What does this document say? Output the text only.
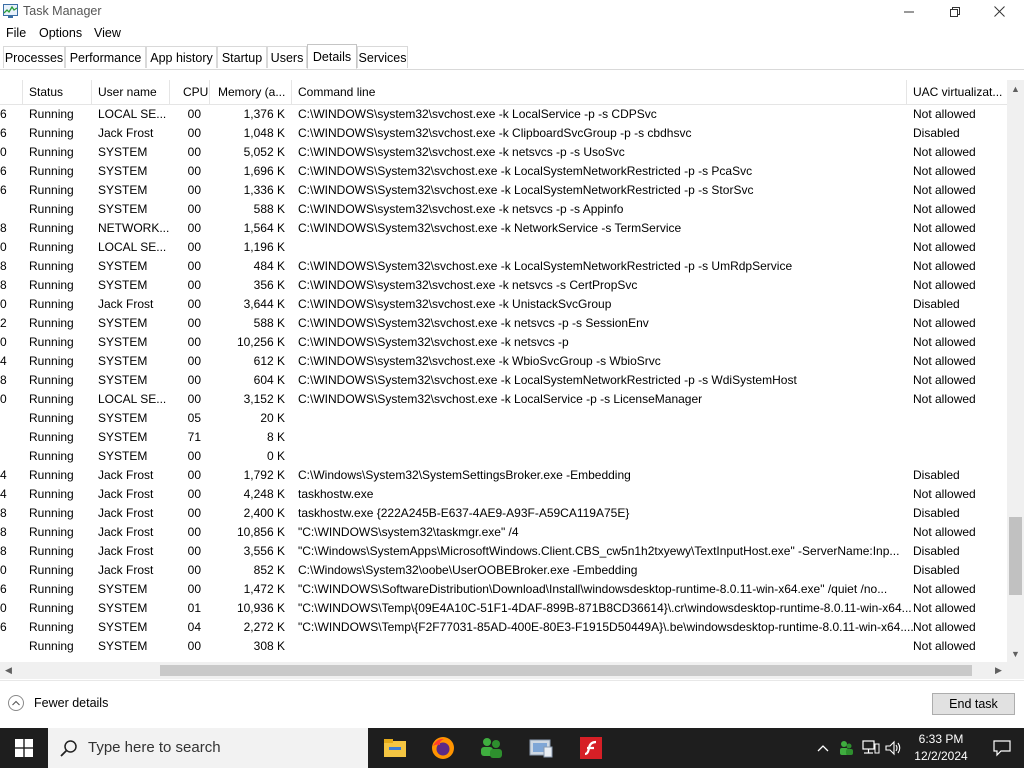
Task Manager
File Options View
Processes Performance App history Startup Users Details Services
Status	User name	CPU Memory (a... Command line	UAC virtualizat...
6 Running	LOCAL SE...	00	1,376 K C:\WINDOWS\system32\svchost.exe -k LocalService -p -s CDPSvc	Not allowed
6 Running	Jack Frost	00	1,048 K C:\WINDOWS\system32\svchost.exe -k ClipboardSvcGroup -p -s cbdhsvc	Disabled
0 Running	SYSTEM	00	5,052 K C:\WINDOWS\system32\svchost.exe -k netsvcs -p -s UsoSvc	Not allowed
6 Running	SYSTEM	00	1,696 K C:\WINDOWS\System32\svchost.exe -k LocalSystemNetworkRestricted -p -s PcaSvc	Not allowed
6 Running	SYSTEM	00	1,336 K C:\WINDOWS\System32\svchost.exe -k LocalSystemNetworkRestricted -p -s StorSvc	Not allowed
Running	SYSTEM	00	588 K C:\WINDOWS\system32\svchost.exe -k netsvcs -p -s Appinfo	Not allowed
8 Running	NETWORK...	00	1,564 K C:\WINDOWS\System32\svchost.exe -k NetworkService -s TermService	Not allowed
0 Running	LOCAL SE...	00	1,196 K	Not allowed
8 Running	SYSTEM	00	484 K C:\WINDOWS\System32\svchost.exe -k LocalSystemNetworkRestricted -p -s UmRdpService	Not allowed
8 Running	SYSTEM	00	356 K C:\WINDOWS\system32\svchost.exe -k netsvcs -s CertPropSvc	Not allowed
0 Running	Jack Frost	00	3,644 K C:\WINDOWS\system32\svchost.exe -k UnistackSvcGroup	Disabled
2 Running	SYSTEM	00	588 K C:\WINDOWS\System32\svchost.exe -k netsvcs -p -s SessionEnv	Not allowed
0 Running	SYSTEM	00	10,256 K C:\WINDOWS\System32\svchost.exe -k netsvcs -p	Not allowed
4 Running	SYSTEM	00	612 K C:\WINDOWS\system32\svchost.exe -k WbioSvcGroup -s WbioSrvc	Not allowed
8 Running	SYSTEM	00	604 K C:\WINDOWS\System32\svchost.exe -k LocalSystemNetworkRestricted -p -s WdiSystemHost	Not allowed
0 Running	LOCAL SE...	00	3,152 K C:\WINDOWS\System32\svchost.exe -k LocalService -p -s LicenseManager	Not allowed
Running	SYSTEM	05	20 K
Running	SYSTEM	71	8 K
Running	SYSTEM	00	0 K
4 Running	Jack Frost	00	1,792 K C:\Windows\System32\SystemSettingsBroker.exe -Embedding	Disabled
4 Running	Jack Frost	00	4,248 K taskhostw.exe	Not allowed
8 Running	Jack Frost	00	2,400 K taskhostw.exe {222A245B-E637-4AE9-A93F-A59CA119A75E}	Disabled
8 Running	Jack Frost	00	10,856 K "C:\WINDOWS\system32\taskmgr.exe" /4	Not allowed
8 Running	Jack Frost	00	3,556 K "C:\Windows\SystemApps\MicrosoftWindows.Client.CBS_cw5n1h2txyewy\TextInputHost.exe" -ServerName:Inp...	Disabled
0 Running	Jack Frost	00	852 K C:\Windows\System32\oobe\UserOOBEBroker.exe -Embedding	Disabled
6 Running	SYSTEM	00	1,472 K "C:\WINDOWS\SoftwareDistribution\Download\Install\windowsdesktop-runtime-8.0.11-win-x64.exe" /quiet /no...	Not allowed
0 Running	SYSTEM	01	10,936 K "C:\WINDOWS\Temp\{09E4A10C-51F1-4DAF-899B-871B8CD36614}\.cr\windowsdesktop-runtime-8.0.11-win-x64... Not allowed
6 Running	SYSTEM	04	2,272 K "C:\WINDOWS\Temp\{F2F77031-85AD-400E-80E3-F1915D50449A}\.be\windowsdesktop-runtime-8.0.11-win-x64.... Not allowed
Running	SYSTEM	00	308 K	Not allowed
▲
▼
◀	▶
Fewer details	End task
Type here to search	6:33 PM
12/2/2024
